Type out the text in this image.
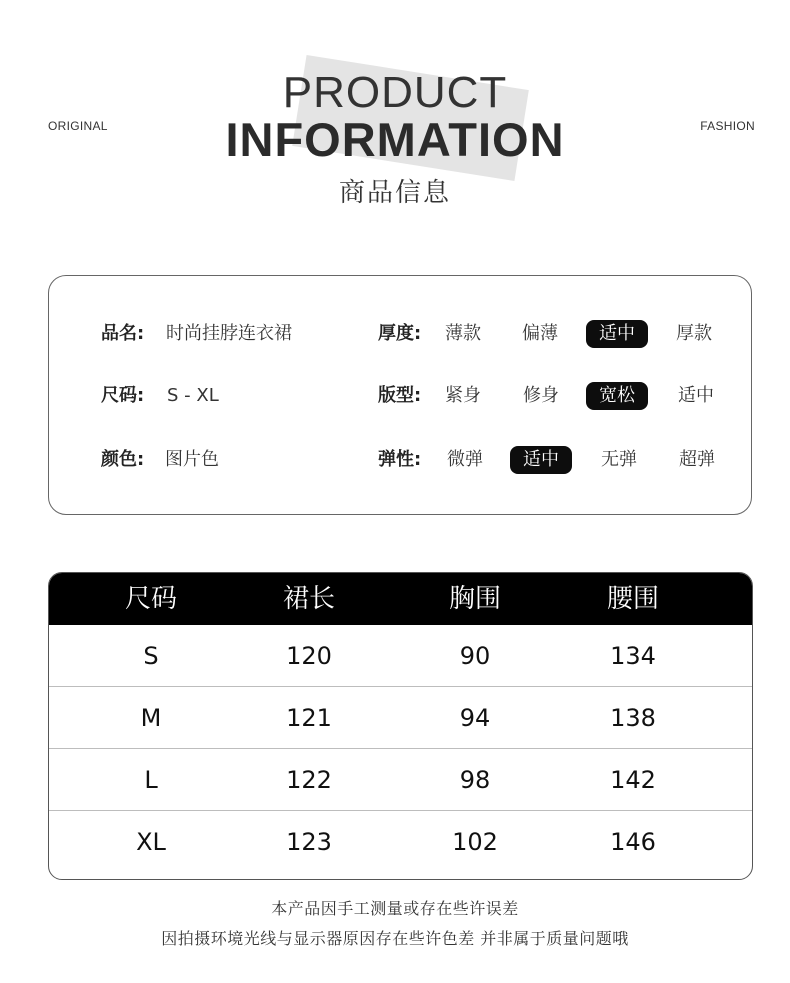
ORIGINAL	FASHION
PRODUCT
INFORMATION
商品信息
品名: 时尚挂脖连衣裙	厚度:	薄款	偏薄	适中	厚款
尺码: S - XL	版型:	紧身	修身	宽松	适中
颜色: 图片色	弹性:	微弹	适中	无弹	超弹
尺码	裙长	胸围	腰围
S	120	90	134
M	121	94	138
L	122	98	142
XL	123	102	146
本产品因手工测量或存在些许误差
因拍摄环境光线与显示器原因存在些许色差 并非属于质量问题哦
